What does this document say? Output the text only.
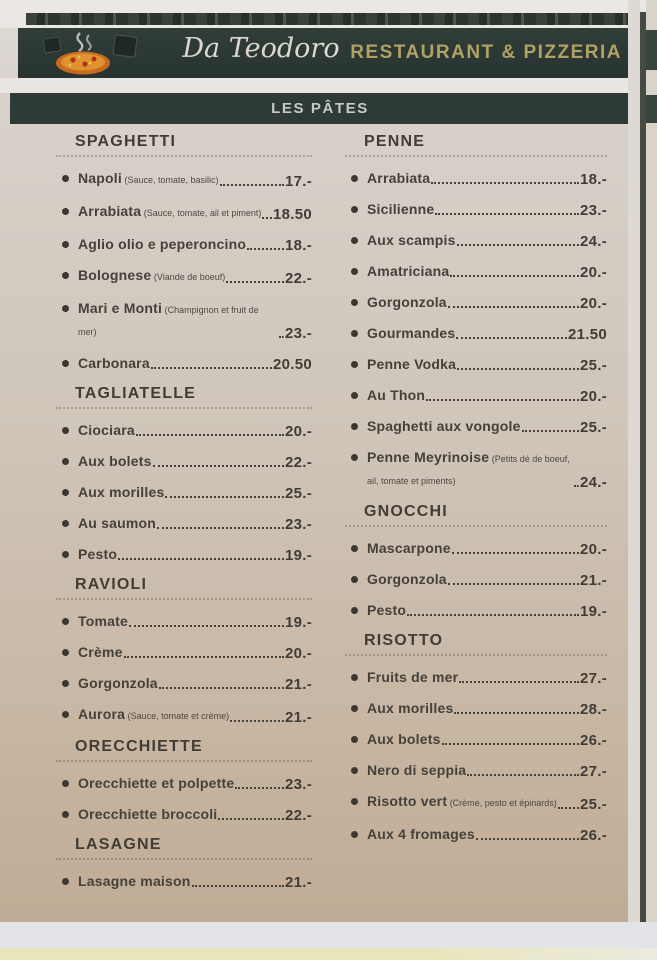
Da Teodoro RESTAURANT & PIZZERIA
LES PÂTES
SPAGHETTI
Napoli (Sauce, tomate, basilic)	17.-
Arrabiata (Sauce, tomate, ail et piment) 18.50
Aglio olio e peperoncino	18.-
Bolognese (Viande de boeuf)	22.-
Mari e Monti (Champignon et fruit de mer)	23.-
Carbonara	20.50
TAGLIATELLE
Ciociara	20.-
Aux bolets	22.-
Aux morilles	25.-
Au saumon	23.-
Pesto	19.-
RAVIOLI
Tomate	19.-
Crème	20.-
Gorgonzola	21.-
Aurora (Sauce, tomate et crème)	21.-
ORECCHIETTE
Orecchiette et polpette	23.-
Orecchiette broccoli	22.-
LASAGNE
Lasagne maison	21.-
PENNE
Arrabiata	18.-
Sicilienne	23.-
Aux scampis	24.-
Amatriciana	20.-
Gorgonzola	20.-
Gourmandes	21.50
Penne Vodka	25.-
Au Thon	20.-
Spaghetti aux vongole	25.-
Penne Meyrinoise (Petits dé de boeuf, ail, tomate et piments)	24.-
GNOCCHI
Mascarpone	20.-
Gorgonzola	21.-
Pesto	19.-
RISOTTO
Fruits de mer	27.-
Aux morilles	28.-
Aux bolets	26.-
Nero di seppia	27.-
Risotto vert (Crème, pesto et épinards) 25.-
Aux 4 fromages	26.-
